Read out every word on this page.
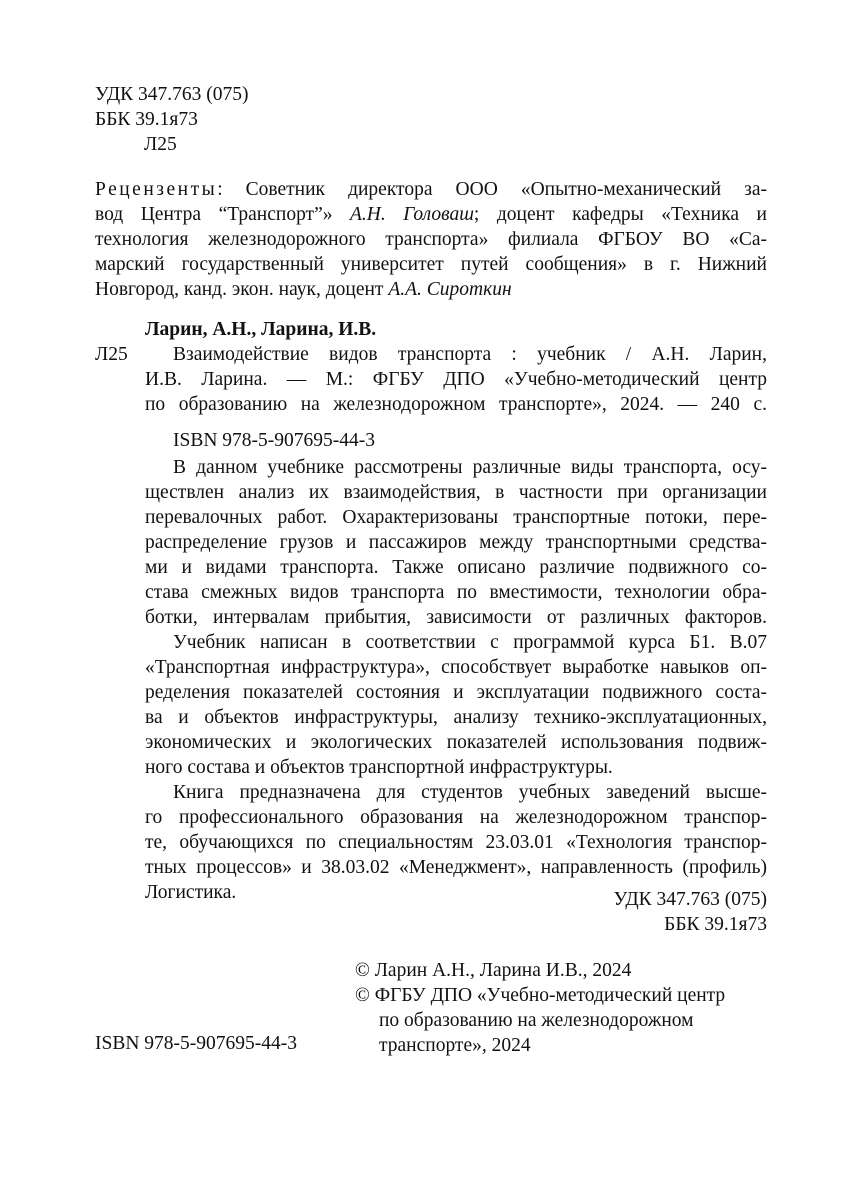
УДК 347.763 (075)
ББК 39.1я73
Л25
Рецензенты: Советник директора ООО «Опытно-механический за-
вод Центра “Транспорт”» А.Н. Головаш; доцент кафедры «Техника и
технология железнодорожного транспорта» филиала ФГБОУ ВО «Са-
марский государственный университет путей сообщения» в г. Нижний
Новгород, канд. экон. наук, доцент А.А. Сироткин
Ларин, А.Н., Ларина, И.В.
Л25	Взаимодействие видов транспорта : учебник / А.Н. Ларин,
И.В. Ларина. — М.: ФГБУ ДПО «Учебно-методический центр
по образованию на железнодорожном транспорте», 2024. — 240 с.
ISBN 978-5-907695-44-3
В данном учебнике рассмотрены различные виды транспорта, осу-
ществлен анализ их взаимодействия, в частности при организации
перевалочных работ. Охарактеризованы транспортные потоки, пере-
распределение грузов и пассажиров между транспортными средства-
ми и видами транспорта. Также описано различие подвижного со-
става смежных видов транспорта по вместимости, технологии обра-
ботки, интервалам прибытия, зависимости от различных факторов.
Учебник написан в соответствии с программой курса Б1. В.07
«Транспортная инфраструктура», способствует выработке навыков оп-
ределения показателей состояния и эксплуатации подвижного соста-
ва и объектов инфраструктуры, анализу технико-эксплуатационных,
экономических и экологических показателей использования подвиж-
ного состава и объектов транспортной инфраструктуры.
Книга предназначена для студентов учебных заведений высше-
го профессионального образования на железнодорожном транспор-
те, обучающихся по специальностям 23.03.01 «Технология транспор-
тных процессов» и 38.03.02 «Менеджмент», направленность (профиль)
Логистика.	УДК 347.763 (075)
ББК 39.1я73
ISBN 978-5-907695-44-3
© Ларин А.Н., Ларина И.В., 2024
© ФГБУ ДПО «Учебно-методический центр
по образованию на железнодорожном
транспорте», 2024
